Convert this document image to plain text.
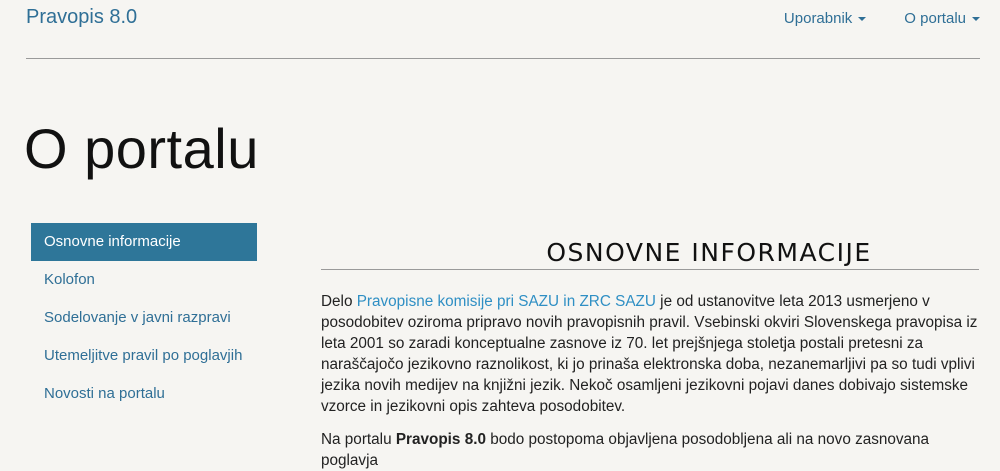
Pravopis 8.0	Uporabnik	O portalu
O portalu
Osnovne informacije
Kolofon
Sodelovanje v javni razpravi
Utemeljitve pravil po poglavjih
Novosti na portalu
OSNOVNE INFORMACIJE

Delo Pravopisne komisije pri SAZU in ZRC SAZU je od ustanovitve leta 2013 usmerjeno v posodobitev oziroma pripravo novih pravopisnih pravil. Vsebinski okviri Slovenskega pravopisa iz leta 2001 so zaradi konceptualne zasnove iz 70. let prejšnjega stoletja postali pretesni za naraščajočo jezikovno raznolikost, ki jo prinaša elektronska doba, nezanemarljivi pa so tudi vplivi jezika novih medijev na knjižni jezik. Nekoč osamljeni jezikovni pojavi danes dobivajo sistemske vzorce in jezikovni opis zahteva posodobitev.

Na portalu Pravopis 8.0 bodo postopoma objavljena posodobljena ali na novo zasnovana poglavja
